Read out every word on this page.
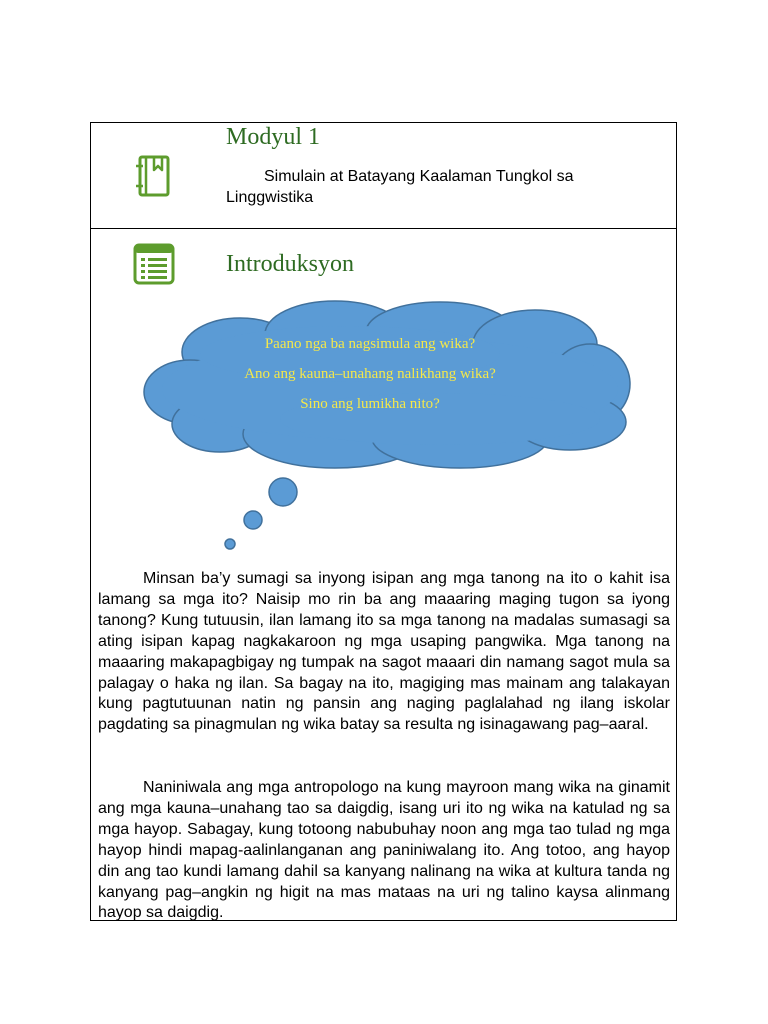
Modyul 1
Simulain at Batayang Kaalaman Tungkol sa Linggwistika
Introduksyon
Paano nga ba nagsimula ang wika?
Ano ang kauna–unahang nalikhang wika?
Sino ang lumikha nito?
Minsan ba’y sumagi sa inyong isipan ang mga tanong na ito o kahit isa lamang sa mga ito? Naisip mo rin ba ang maaaring maging tugon sa iyong tanong? Kung tutuusin, ilan lamang ito sa mga tanong na madalas sumasagi sa ating isipan kapag nagkakaroon ng mga usaping pangwika. Mga tanong na maaaring makapagbigay ng tumpak na sagot maaari din namang sagot mula sa palagay o haka ng ilan. Sa bagay na ito, magiging mas mainam ang talakayan kung pagtutuunan natin ng pansin ang naging paglalahad ng ilang iskolar pagdating sa pinagmulan ng wika batay sa resulta ng isinagawang pag–aaral.
Naniniwala ang mga antropologo na kung mayroon mang wika na ginamit ang mga kauna–unahang tao sa daigdig, isang uri ito ng wika na katulad ng sa mga hayop. Sabagay, kung totoong nabubuhay noon ang mga tao tulad ng mga hayop hindi mapag-aalinlanganan ang paniniwalang ito. Ang totoo, ang hayop din ang tao kundi lamang dahil sa kanyang nalinang na wika at kultura tanda ng kanyang pag–angkin ng higit na mas mataas na uri ng talino kaysa alinmang hayop sa daigdig.
